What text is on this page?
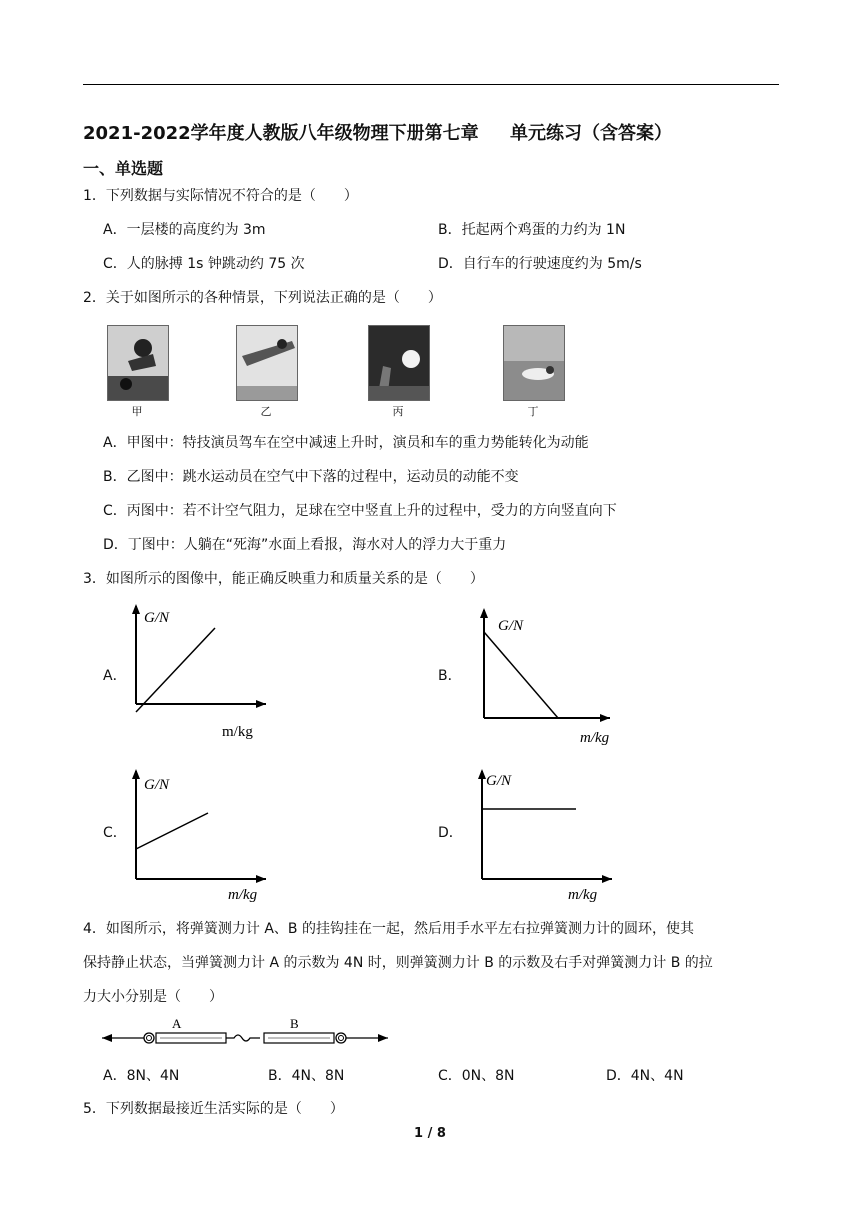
2021-2022学年度人教版八年级物理下册第七章     单元练习（含答案）
一、单选题
1．下列数据与实际情况不符合的是（　　）
A．一层楼的高度约为 3m	B．托起两个鸡蛋的力约为 1N
C．人的脉搏 1s 钟跳动约 75 次	D．自行车的行驶速度约为 5m/s
2．关于如图所示的各种情景，下列说法正确的是（　　）
甲	乙	丙	丁
A．甲图中：特技演员驾车在空中减速上升时，演员和车的重力势能转化为动能
B．乙图中：跳水运动员在空气中下落的过程中，运动员的动能不变
C．丙图中：若不计空气阻力，足球在空中竖直上升的过程中，受力的方向竖直向下
D．丁图中：人躺在“死海”水面上看报，海水对人的浮力大于重力
3．如图所示的图像中，能正确反映重力和质量关系的是（　　）
A．
G/N
m/kg
B．
G/N
m/kg
C．
G/N
m/kg
D．
G/N
m/kg
4．如图所示，将弹簧测力计 A、B 的挂钩挂在一起，然后用手水平左右拉弹簧测力计的圆环，使其
保持静止状态，当弹簧测力计 A 的示数为 4N 时，则弹簧测力计 B 的示数及右手对弹簧测力计 B 的拉
力大小分别是（　　）
A	B
A．8N、4N	B．4N、8N	C．0N、8N	D．4N、4N
5．下列数据最接近生活实际的是（　　）
1 / 8
